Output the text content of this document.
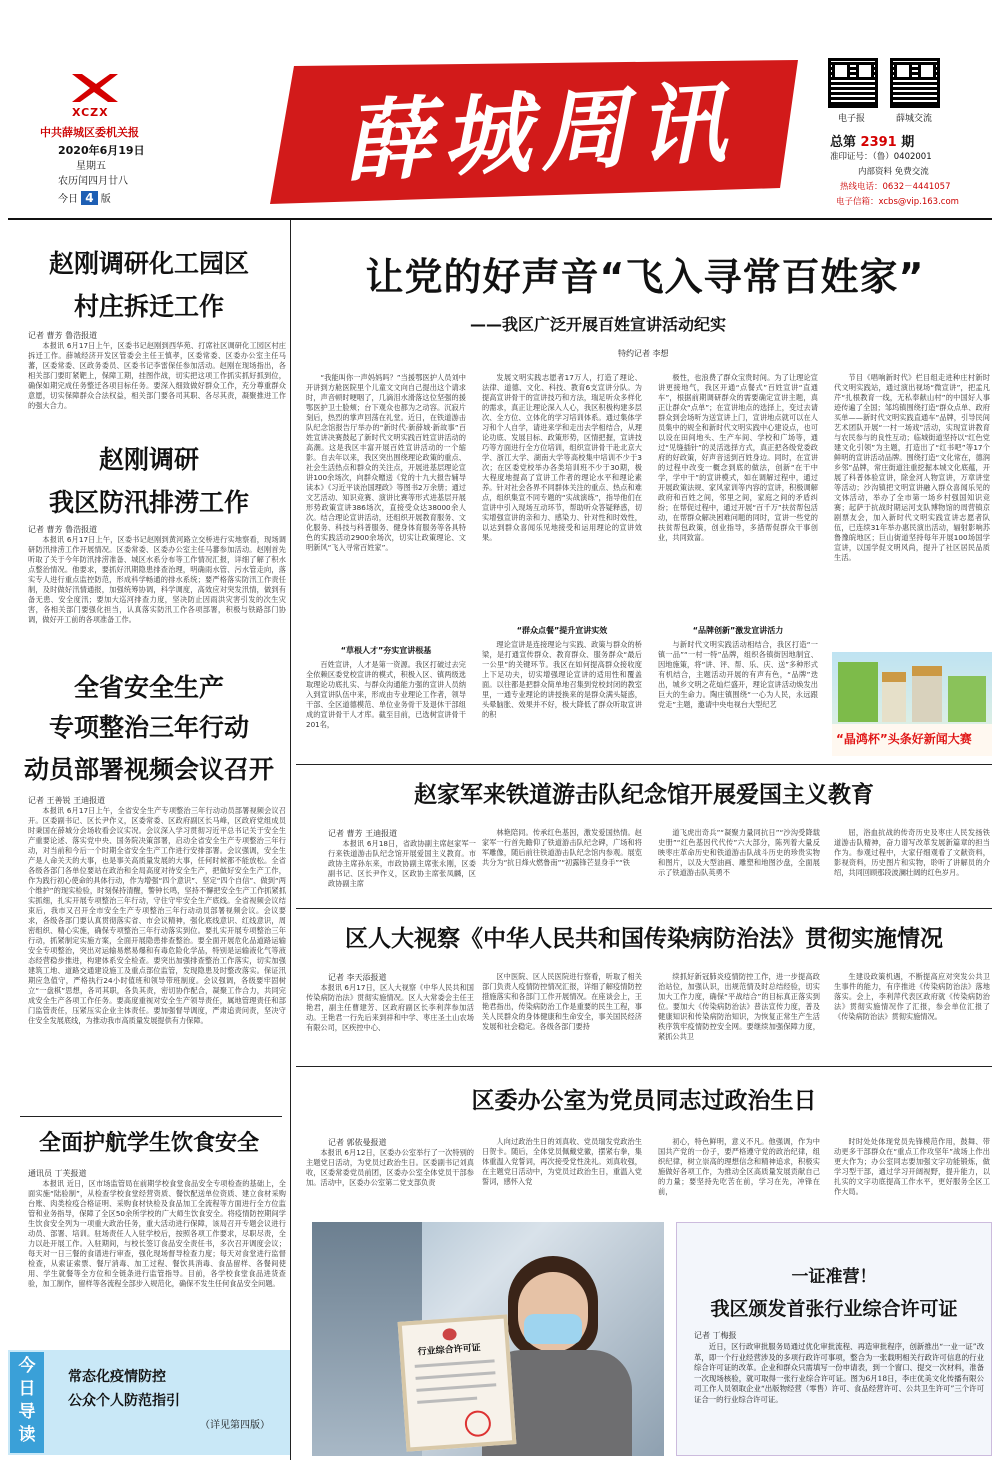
XCZX
中共薛城区委机关报
2020年6月19日
星期五
农历闰四月廿八
今日 4 版
薛城周讯	电子报	薛城交流
总第 2391 期
准印证号：（鲁）0402001
内部资料 免费交流
热线电话：0632－4441057
电子信箱：xcbs@vip.163.com
赵刚调研化工园区
村庄拆迁工作
记者 曹芳 鲁浩报道

本报讯 6月17日上午，区委书记赵刚到西华苑、打席社区调研化工园区村庄拆迁工作。薛城经济开发区管委会主任王慎孝，区委常委、区委办公室主任马蕃，区委常委、区政务委员、区委书记李雷保任参加活动。赵刚在现场指出，各相关部门要盯紧靶上，保障工期，挂图作战，切实把这项工作抓实抓好抓到位，确保如期完成任务整迁各项目标任务。要深入细致做好群众工作，充分尊重群众意愿，切实保障群众合法权益，相关部门要各司其职、各尽其责，凝聚推进工作的强大合力。

赵刚调研
我区防汛排涝工作
记者 曹芳 鲁浩报道

本报讯 6月17日上午，区委书记赵刚到黄河路立交桥进行实地察看，现场调研防汛排涝工作开展情况。区委常委、区委办公室主任马蕃参加活动。赵刚首先听取了关于今年防汛排涝准备、城区水系分布等工作情况汇报，详细了解了积水点整治情况。他要求，要抓好汛期隐患排查治理，明确雨水管、污水管走向，落实专人进行重点监控防范，形成科学畅通的排水系统；要严格落实防汛工作责任制，及时做好汛情通报，加强统筹协调，科学调度，高效应对突发汛情，做到有备无患、安全度汛；要加大巡河排查力度，坚决防止因雨洪灾害引发的次生灾害，各相关部门要强化担当，认真落实防汛工作各项部署，积极与铁路部门协调，做好开工前的各项准备工作。

全省安全生产
专项整治三年行动
动员部署视频会议召开
记者 王善锐 王迪报道

本报讯 6月17日上午，全省安全生产专项整治三年行动动员部署视频会议召开。区委副书记、区长尹作义，区委常委、区政府副区长马峰，区政府党组成员时秉国在薛城分会场收看会议实况。会议深入学习贯彻习近平总书记关于安全生产重要论述、落实党中央、国务院决策部署，启动全省安全生产专项整治三年行动，对当前和今后一个时期全省安全生产工作进行安排部署。会议强调，安全生产是人命关天的大事，也是事关高质量发展的大事，任何时候都不能放松。全省各级各部门各单位要站在政治和全局高度对待安全生产，把做好安全生产工作，作为践行初心使命的具体行动，作为增强“四个意识”、坚定“四个自信”、做到“两个维护”的现实检验，时刻保持清醒，警钟长鸣，坚持不懈把安全生产工作抓紧抓实抓细，扎实开展专项整治三年行动，守住守牢安全生产底线。全省视频会议结束后，我市又召开全市安全生产专项整治三年行动动员部署视频会议。会议要求，各级各部门要认真贯彻落实省、市会议精神，强化底线意识、红线意识，周密组织、精心实施，确保专项整治三年行动落实到位。要扎实开展专项整治三年行动，抓紧制定实施方案，全面开展隐患排查整治。要全面开展危化品道路运输安全专项整治，突出对运输易燃易爆和有毒危险化学品，特别是运输液化气等液态经营稳步推进，构建体系安全检查。要突出加强排查整治工作落实，切实加强建筑工地、道路交通建设施工及重点部位监管，发现隐患及时整改落实。保证汛期应急值守，严格执行24小时值班和领导带班制度。会议强调，各级要牢固树立“一盘棋”思想，各司其职，各负其责，密切协作配合，凝聚工作合力，共同完成安全生产各项工作任务。要高度重视对安全生产领导责任，属地管理责任和部门监管责任，压紧压实企业主体责任。要加强督导调度，严肃追责问责，坚决守住安全发展底线，为推动我市高质量发展提供有力保障。

全面护航学生饮食安全
通讯员 丁芙报道

本报讯 近日，区市场监管局在前期学校食堂食品安全专项检查的基础上，全面实施“陆验制”，从检查学校食堂经营资质、餐饮配送单位资质、建立食材采购台账、肉类检疫合格证明、采购食材快检及食品加工全流程等方面进行全方位监管和业务指导，保障了全区50余所学校的广大师生饮食安全。将疫情防控期间学生饮食安全列为一项重大政治任务，重大活动进行保障，该局召开专题会议进行动员、部署、培训。驻场责任人入驻学校后，按照各项工作要求，尽职尽责，全力以赴开展工作。入驻期间，与校长签订食品安全责任书，多次召开调度会议；每天对一日三餐的食谱进行审查，强化现场督导检查力度；每天对食堂进行监督检查，从索证索票、餐厅消毒、加工过程、餐饮具消毒、食品留样、各餐间使用、学生就餐等全方位和全链条进行监管指导。目前，各学校食堂食品进货查验，加工制作，留样等各流程全部步入规范化，确保不发生任何食品安全问题。

今日导读
常态化疫情防控
公众个人防范指引
（详见第四版）
让党的好声音“飞入寻常百姓家”
——我区广泛开展百姓宣讲活动纪实
特约记者 李想

“我能叫你一声妈妈吗？”当援鄂医护人员刘中开讲到方舱医院里个儿童文文向自己提出这个请求时，声音顿时哽咽了，几滴泪水滑落这位坚强的援鄂医护卫士脸颊；台下观众也都为之动容。沉寂片刻后，热烈的掌声回荡在礼堂。近日，在铁道游击队纪念馆报告厅举办的“新时代·新薛城·新故事”百姓宣讲决赛鼓起了新时代文明实践百姓宣讲活动的高潮。这是我区丰富开展百姓宣讲活动的一个缩影。自去年以来，我区突出围绕理论政策的重点、社会生活热点和群众的关注点，开展进基层理论宣讲100余场次，向群众赠送《党的十九大报告辅导读本》《习近平谈治国理政》等图书2万余册；通过文艺活动、知识竞赛、演讲比赛等形式进基层开展形势政策宣讲386场次，直接受众达38000余人次。结合理论宣讲活动，还组织开展教育服务、文化服务、科技与科普服务、健身体育服务等各具特色的实践活动2900余场次，切实让政策理论、文明新风“飞入寻常百姓家”。

“草根人才”夯实宣讲根基

百姓宣讲，人才是第一资源。我区打破过去完全依赖区委党校宣讲的模式，积极入区、镇两级选取理论功底扎实、与群众沟通能力强的宣讲人员纳入到宣讲队伍中来，形成由专业理论工作者，领导干部、全区道德模范、单位业务骨干及退休干部组成的宣讲骨干人才库。截至目前，已选树宣讲骨干201名，

发展文明实践志愿者17万人，打造了理论、法律、道德、文化、科技、教育6支宣讲分队。为提高宣讲骨干的宣讲技巧和方法，瑞足听众多样化的需求，真正让理论深入人心，我区积极构建多层次、全方位、立体化的学习培训体系。通过集体学习和个人自学，请进来学和走出去学相结合，从理论功底、发展目标、政策形势，区情把握，宣讲技巧等方面进行全方位培训，组织宣讲骨干赴北京大学、浙江大学、湖南大学等高校集中培训不少于3次；在区委党校举办各类培训班不少于30期，极大程度地提高了宣讲工作者的理论水平和理论素养。针对社会各界不同群体关注的重点、热点和难点，组织集宣不同专题的“实战演练”，指导他们在宣讲中引入现场互动环节，帮助听众答疑释惑，切实增强宣讲的亲和力、感染力、针对性和时效性，以达到群众喜闻乐见地接受和运用理论的宣讲效果。

“群众点餐”提升宣讲实效

理论宣讲是连接理论与实践、政策与群众的桥梁，是打通宣传群众、教育群众、服务群众“最后一公里”的关键环节。我区在如何提高群众接收度上下足功夫，切实增强理论宣讲的适用性和覆盖面。以往都是把群众简单地召集到党校封闭的教室里，一通专业理论的讲授换来的是群众满头疑惑，头晕脑胀、效果并不好，极大降低了群众听取宣讲的积

极性，也浪费了群众宝贵时间。为了让理论宣讲更接地气，我区开通“点餐式”百姓宣讲“直通车”，根据前期调研群众的需要确定宣讲主题，真正让群众“点单”；在宣讲地点的选择上，变过去请群众到会场听为送宣讲上门，宣讲地点就可以在人员集中的规全和新时代文明实践中心建设点，也可以设在田间地头、生产车间、学校和广场等，通过“见缝插针”的灵活选择方式，真正把各级党委政府的好政策，好声音送到百姓身边。同时，在宣讲的过程中改变一概念到底的做法，创新“在干中学，学中干”的宣讲模式，如在调解过程中，通过开展政策法规、家风家训等内容的宣讲，积极调解政府和百姓之间，邻里之间，家庭之间的矛盾纠纷；在帮促过程中，通过开展“百千万”扶贫帮包活动，在帮群众解决困难问题的同时，宣讲一些党的扶贫帮包政策，创业指导，多措帮促群众干事创业，共同致富。

“品牌创新”激发宣讲活力

与新时代文明实践活动相结合，我区打造“一镇一品”“一村一特”品牌，组织各镇街因地制宜、因地施策，将“讲、评、帮、乐、庆、送”多种形式有机结合，主题活动开展的有声有色，“品牌”迭出，城乡文明之花灿烂盛开，理论宣讲活动焕发出巨大的生命力。陶庄镇围绕“一心为人民，永远跟党走”主题，邀请中央电视台大型纪艺

节目《唱响新时代》栏目组走进种庄村新时代文明实践站，通过演出视场“微宣讲”，把孟凡芹“扎根教育一线，无私奉献山村”的中国好人事迹传遍了全国；邹坞镇围绕打造“群众点单、政府买单——新时代文明实践直通车”品牌，引导民间艺术团队开展“一村一场戏”活动，实现宣讲教育与农民参与的良性互动；临城街道坚持以“红色党建文化引领”为主题，打造出了“红书吧”等17个鲜明的宣讲活动品牌。围绕打造“文化常在，德润乡邻”品牌，常庄街道注重挖掘本城文化底蕴，开展了科普体验宣讲，除金河人物宣讲，万章讲堂等活动；沙沟镇把文明宣讲融入群众喜闻乐见的文体活动，举办了全市第一场乡村强国知识竞赛；起萨于抗战时期运河支队博物馆的周营镇京剧票友会，加入新时代文明实践宣讲志愿者队伍，已连续31年举办惠民演出活动，辐射影响苏鲁豫皖地区；巨山街道坚持每年开展100场国学宣讲，以国学促文明风尚，提升了社区居民品质生活。

“晶鸿杯”头条好新闻大赛
赵家军来铁道游击队纪念馆开展爱国主义教育
记者 曹芳 王迪报道

本报讯 6月18日，省政协副主席赵家军一行来铁道游击队纪念馆开展爱国主义教育。市政协主席孙东来，市政协副主席张永刚，区委副书记、区长尹作义，区政协主席张凤麟，区政协副主席

林艳陪同。传承红色基因，激发爱国热情。赵家军一行首先瞻仰了铁道游击队纪念碑，广场和将军雕像，随后前往铁道游击队纪念馆内参观。展览共分为“抗日烽火燃鲁南”“初露锋芒显身手”“铁

道飞虎出奇兵”“凝聚力量同抗日”“沙沟受降载史册”“红色基因代代传”六大部分，陈列着大量反映枣庄革命历史和铁道游击队战斗历史的珍贵实物和图片，以及大型油画、雕塑和地图沙盘，全面展示了铁道游击队英勇不

屈，浴血抗战的传奇历史及枣庄人民发扬铁道游击队精神，奋力谱写改革发展新篇章的担当作为。参观过程中，大家仔细观看了文献资料，影视资料，历史图片和实物，聆听了讲解员的介绍，共同回顾那段波澜壮阔的红色岁月。

区人大视察《中华人民共和国传染病防治法》贯彻实施情况
记者 李天添报道

本报讯 6月17日，区人大视察《中华人民共和国传染病防治法》贯彻实施情况。区人大常委会主任王艳君，副主任曹建芳、区政府副区长李利萍参加活动。王艳君一行先后来到祥和中学、枣庄圣土山农场有限公司，区疾控中心、

区中医院、区人民医院进行察看，听取了相关部门负责人疫情防控情况汇报，详细了解疫情防控措施落实和各部门工作开展情况。在座谈会上，王艳君指出，传染病防治工作是重要的民生工程，事关人民群众的身体健康和生命安全，事关国民经济发展和社会稳定。各级各部门要持

续抓好新冠肺炎疫情防控工作，进一步提高政治站位，加强认识，出规范情及时总结经验，切实加大工作力度，确保“平战结合”的目标真正落实到位。要加大《传染病防治法》普法宣传力度，普及健康知识和传染病防治知识，为恢复正常生产生活秩序筑牢疫情防控安全网。要继续加强保障力度，紧抓公共卫

生建设政策机遇，不断提高应对突发公共卫生事件的能力，有序推进《传染病防治法》落地落实。会上，李利萍代表区政府就《传染病防治法》贯彻实施情况作了汇报，参会单位汇报了《传染病防治法》贯彻实施情况。

区委办公室为党员同志过政治生日
记者 郭依曼报道

本报讯 6月12日，区委办公室举行了一次特别的主题党日活动，为党员过政治生日。区委副书记刘真收，区委常委党员前团，区委办公室全体党员干部参加。活动中，区委办公室第二党支部负责

人向过政治生日的刘真收、党员瑞发党政治生日贺卡。随后，全体党员佩戴党徽，摆紧右拳，集体重温入党誓词，再次接受党性洗礼。刘真收强，在主题党日活动中，为党员过政治生日，重温入党誓词，感怀入党

初心，特色鲜明，意义不凡。他强调，作为中国共产党的一份子，要严格遵守党的政治纪律，组织纪律，树立崇高的理想信念和精神追求，积极实施做好各项工作，为推动全区高质量发展贡献自己的力量；要坚持先吃苦在前，学习在先，冲锋在前，

时时处处体现党员先锋模范作用，鼓舞、带动更多干部群众在“重点工作攻坚年”战场上作出更大作为；办公室同志要加强文字功能锻炼，做学习型干部，通过学习开阔视野，提升能力，以扎实的文字功底提高工作水平，更好服务全区工作大局。

行业综合许可证
一证准营！
我区颁发首张行业综合许可证
记者 丁梅报

近日，区行政审批服务局通过优化审批流程、再造审批程序，创新推出“一业一证”改革，即一个行业经营涉及的多项行政许可事项，整合为一张载明相关行政许可信息的行业综合许可证的改革。企业和群众只需填写一份申请表，到一个窗口、提交一次材料，准备一次现场核验，就可取得一张行业综合许可证。图为6月18日，李庄优美文化传播有限公司工作人员领取企业“出版物经营（零售）许可、食品经营许可、公共卫生许可”三个许可证合一的行业综合许可证。
